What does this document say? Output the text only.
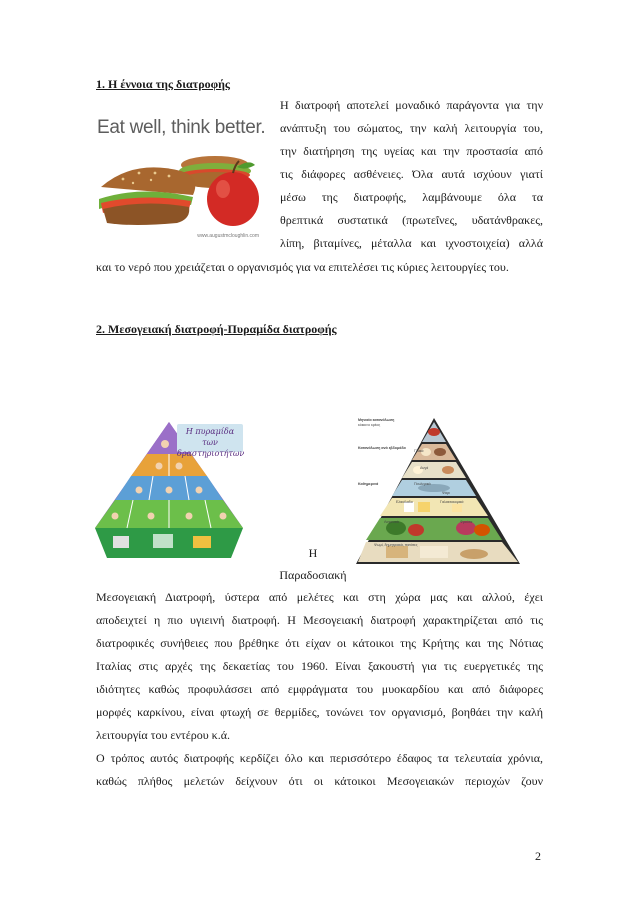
1. Η έννοια της διατροφής

Eat well, think better.
www.augustmcloughlin.com
Η διατροφή αποτελεί μοναδικό παράγοντα για την
ανάπτυξη του σώματος, την καλή λειτουργία του,
την διατήρηση της υγείας και την προστασία από
τις διάφορες ασθένειες. Όλα αυτά ισχύουν γιατί
μέσω της διατροφής, λαμβάνουμε όλα τα
θρεπτικά συστατικά (πρωτεΐνες, υδατάνθρακες,
λίπη, βιταμίνες, μέταλλα και ιχνοστοιχεία) αλλά
και το νερό που χρειάζεται ο οργανισμός για να επιτελέσει τις κύριες λειτουργίες του.

2. Μεσογειακή διατροφή-Πυραμίδα διατροφής

Η πυραμίδα των
δραστηριοτήτων
Μηνιαία κατανάλωση
κόκκινο κρέας
Κατανάλωση ανά εβδομάδα
Γλυκά
Αυγά
Πουλερικά
Ψάρι
Καθημερινά
Ελαιόλαδο	Γαλακτοκομικά
Λαχανικά	Φρούτα
Ψωμί, δημητριακά, πατάτες
Η
Παραδοσιακή
Μεσογειακή Διατροφή, ύστερα από μελέτες και στη χώρα μας και αλλού, έχει
αποδειχτεί η πιο υγιεινή διατροφή. Η Μεσογειακή διατροφή χαρακτηρίζεται από τις
διατροφικές συνήθειες που βρέθηκε ότι είχαν οι κάτοικοι της Κρήτης και της Νότιας
Ιταλίας στις αρχές της δεκαετίας του 1960. Είναι ξακουστή για τις ευεργετικές της
ιδιότητες καθώς προφυλάσσει από εμφράγματα του μυοκαρδίου και από διάφορες
μορφές καρκίνου, είναι φτωχή σε θερμίδες, τονώνει τον οργανισμό, βοηθάει την καλή
λειτουργία του εντέρου κ.ά.
Ο τρόπος αυτός διατροφής κερδίζει όλο και περισσότερο έδαφος τα τελευταία χρόνια,
καθώς πλήθος μελετών δείχνουν ότι οι κάτοικοι Μεσογειακών περιοχών ζουν
2
